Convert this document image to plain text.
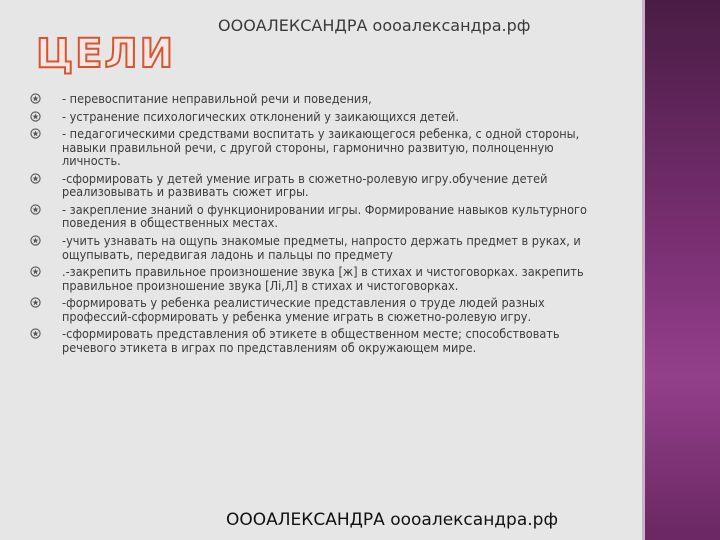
ОООАЛЕКСАНДРА оооалександра.рф
ЦЕЛИ
- перевоспитание неправильной речи и поведения,
- устранение психологических отклонений у заикающихся детей.
- педагогическими средствами воспитать у заикающегося ребенка, с одной стороны, навыки правильной речи, с другой стороны, гармонично развитую, полноценную личность.
-сформировать у детей умение играть в сюжетно-ролевую игру.обучение детей реализовывать и развивать сюжет игры.
- закрепление знаний о функционировании игры. Формирование навыков культурного поведения в общественных местах.
-учить узнавать на ощупь знакомые предметы, напросто держать предмет в руках, и ощупывать, передвигая ладонь и пальцы по предмету
.-закрепить правильное произношение звука [ж] в стихах и чистоговорках. закрепить правильное произношение звука [Лі,Л] в стихах и чистоговорках.
-формировать у ребенка реалистические представления о труде людей разных профессий-сформировать у ребенка умение играть в сюжетно-ролевую игру.
-сформировать представления об этикете в общественном месте; способствовать речевого этикета в играх по представлениям об окружающем мире.
ОООАЛЕКСАНДРА оооалександра.рф
